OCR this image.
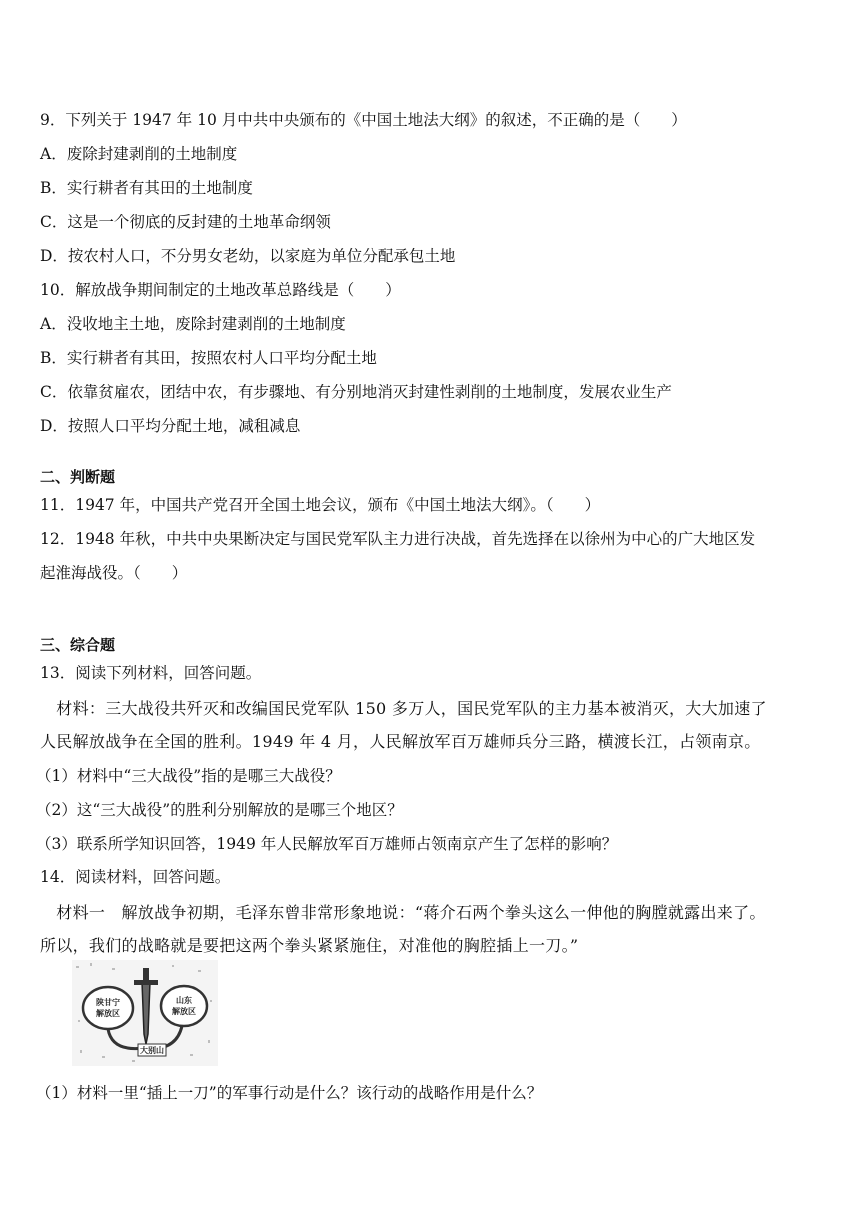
9．下列关于 1947 年 10 月中共中央颁布的《中国土地法大纲》的叙述，不正确的是（　　）
A．废除封建剥削的土地制度
B．实行耕者有其田的土地制度
C．这是一个彻底的反封建的土地革命纲领
D．按农村人口，不分男女老幼，以家庭为单位分配承包土地
10．解放战争期间制定的土地改革总路线是（　　）
A．没收地主土地，废除封建剥削的土地制度
B．实行耕者有其田，按照农村人口平均分配土地
C．依靠贫雇农，团结中农，有步骤地、有分别地消灭封建性剥削的土地制度，发展农业生产
D．按照人口平均分配土地，减租减息
二、判断题
11．1947 年，中国共产党召开全国土地会议，颁布《中国土地法大纲》。（　　）
12．1948 年秋，中共中央果断决定与国民党军队主力进行决战，首先选择在以徐州为中心的广大地区发
起淮海战役。（　　）
三、综合题
13．阅读下列材料，回答问题。
　材料：三大战役共歼灭和改编国民党军队 150 多万人，国民党军队的主力基本被消灭，大大加速了
人民解放战争在全国的胜利。1949 年 4 月，人民解放军百万雄师兵分三路，横渡长江，占领南京。
（1）材料中“三大战役”指的是哪三大战役？
（2）这“三大战役”的胜利分别解放的是哪三个地区？
（3）联系所学知识回答，1949 年人民解放军百万雄师占领南京产生了怎样的影响？
14．阅读材料，回答问题。
　材料一　解放战争初期，毛泽东曾非常形象地说：“蒋介石两个拳头这么一伸他的胸膛就露出来了。
所以，我们的战略就是要把这两个拳头紧紧施住，对准他的胸腔插上一刀。”
陕甘宁
解放区
山东
解放区
大别山
（1）材料一里“插上一刀”的军事行动是什么？该行动的战略作用是什么？
